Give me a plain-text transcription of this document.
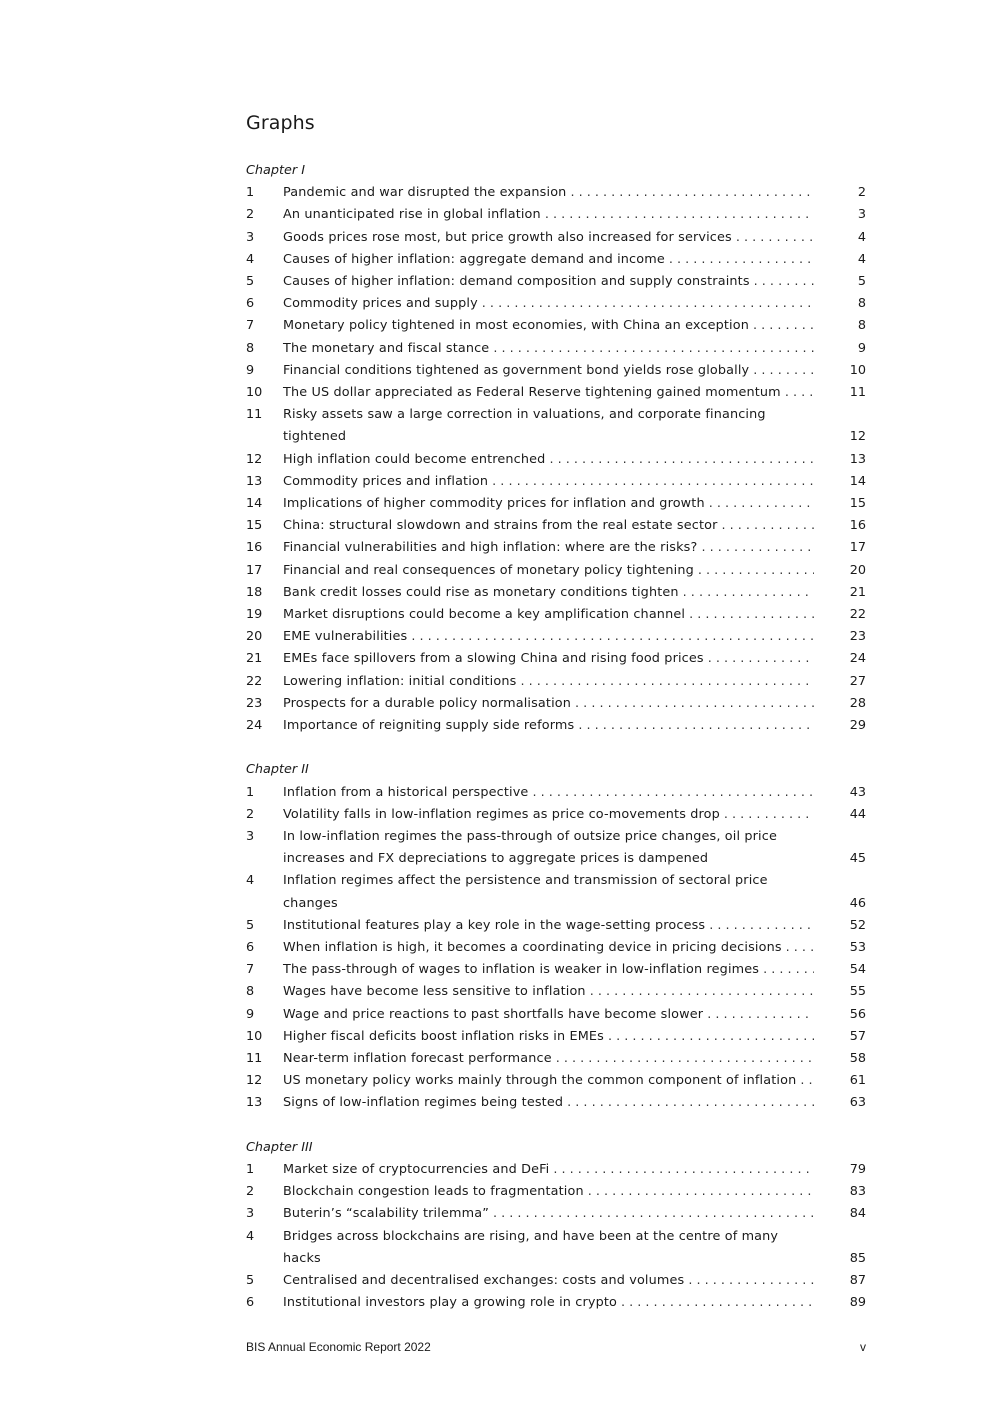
Graphs
Chapter I
1	Pandemic and war disrupted the expansion . . .	2
2	An unanticipated rise in global inflation . . .	3
3	Goods prices rose most, but price growth also increased for services . . .	4
4	Causes of higher inflation: aggregate demand and income . . .	4
5	Causes of higher inflation: demand composition and supply constraints . . .	5
6	Commodity prices and supply . . .	8
7	Monetary policy tightened in most economies, with China an exception . . .	8
8	The monetary and fiscal stance . . .	9
9	Financial conditions tightened as government bond yields rose globally . . .	10
10	The US dollar appreciated as Federal Reserve tightening gained momentum . . .	11
11	Risky assets saw a large correction in valuations, and corporate financing tightened	12
12	High inflation could become entrenched . . .	13
13	Commodity prices and inflation . . .	14
14	Implications of higher commodity prices for inflation and growth . . .	15
15	China: structural slowdown and strains from the real estate sector . . .	16
16	Financial vulnerabilities and high inflation: where are the risks? . . .	17
17	Financial and real consequences of monetary policy tightening . . .	20
18	Bank credit losses could rise as monetary conditions tighten . . .	21
19	Market disruptions could become a key amplification channel . . .	22
20	EME vulnerabilities . . .	23
21	EMEs face spillovers from a slowing China and rising food prices . . .	24
22	Lowering inflation: initial conditions . . .	27
23	Prospects for a durable policy normalisation . . .	28
24	Importance of reigniting supply side reforms . . .	29
Chapter II
1	Inflation from a historical perspective . . .	43
2	Volatility falls in low-inflation regimes as price co-movements drop . . .	44
3	In low-inflation regimes the pass-through of outsize price changes, oil price increases and FX depreciations to aggregate prices is dampened	45
4	Inflation regimes affect the persistence and transmission of sectoral price changes	46
5	Institutional features play a key role in the wage-setting process . . .	52
6	When inflation is high, it becomes a coordinating device in pricing decisions . . .	53
7	The pass-through of wages to inflation is weaker in low-inflation regimes . . .	54
8	Wages have become less sensitive to inflation . . .	55
9	Wage and price reactions to past shortfalls have become slower . . .	56
10	Higher fiscal deficits boost inflation risks in EMEs . . .	57
11	Near-term inflation forecast performance . . .	58
12	US monetary policy works mainly through the common component of inflation . . .	61
13	Signs of low-inflation regimes being tested . . .	63
Chapter III
1	Market size of cryptocurrencies and DeFi . . .	79
2	Blockchain congestion leads to fragmentation . . .	83
3	Buterin’s “scalability trilemma” . . .	84
4	Bridges across blockchains are rising, and have been at the centre of many hacks	85
5	Centralised and decentralised exchanges: costs and volumes . . .	87
6	Institutional investors play a growing role in crypto . . .	89
BIS Annual Economic Report 2022	v
